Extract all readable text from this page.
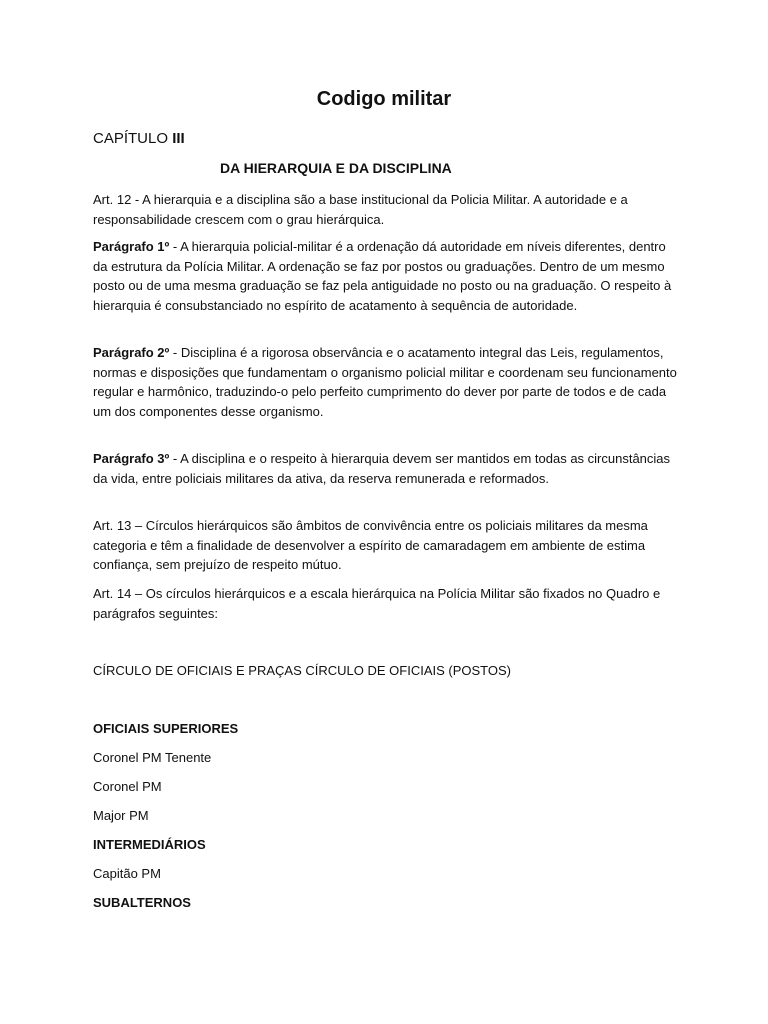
Codigo militar

CAPÍTULO III

DA HIERARQUIA E DA DISCIPLINA

Art. 12 - A hierarquia e a disciplina são a base institucional da Policia Militar. A autoridade e a responsabilidade crescem com o grau hierárquica.

Parágrafo 1º - A hierarquia policial-militar é a ordenação dá autoridade em níveis diferentes, dentro da estrutura da Polícia Militar. A ordenação se faz por postos ou graduações. Dentro de um mesmo posto ou de uma mesma graduação se faz pela antiguidade no posto ou na graduação. O respeito à hierarquia é consubstanciado no espírito de acatamento à sequência de autoridade.

Parágrafo 2º - Disciplina é a rigorosa observância e o acatamento integral das Leis, regulamentos, normas e disposições que fundamentam o organismo policial militar e coordenam seu funcionamento regular e harmônico, traduzindo-o pelo perfeito cumprimento do dever por parte de todos e de cada um dos componentes desse organismo.

Parágrafo 3º - A disciplina e o respeito à hierarquia devem ser mantidos em todas as circunstâncias da vida, entre policiais militares da ativa, da reserva remunerada e reformados.

Art. 13 – Círculos hierárquicos são âmbitos de convivência entre os policiais militares da mesma categoria e têm a finalidade de desenvolver a espírito de camaradagem em ambiente de estima confiança, sem prejuízo de respeito mútuo.

Art. 14 – Os círculos hierárquicos e a escala hierárquica na Polícia Militar são fixados no Quadro e parágrafos seguintes:

CÍRCULO DE OFICIAIS E PRAÇAS CÍRCULO DE OFICIAIS (POSTOS)

OFICIAIS SUPERIORES

Coronel PM Tenente

Coronel PM

Major PM

INTERMEDIÁRIOS

Capitão PM

SUBALTERNOS
